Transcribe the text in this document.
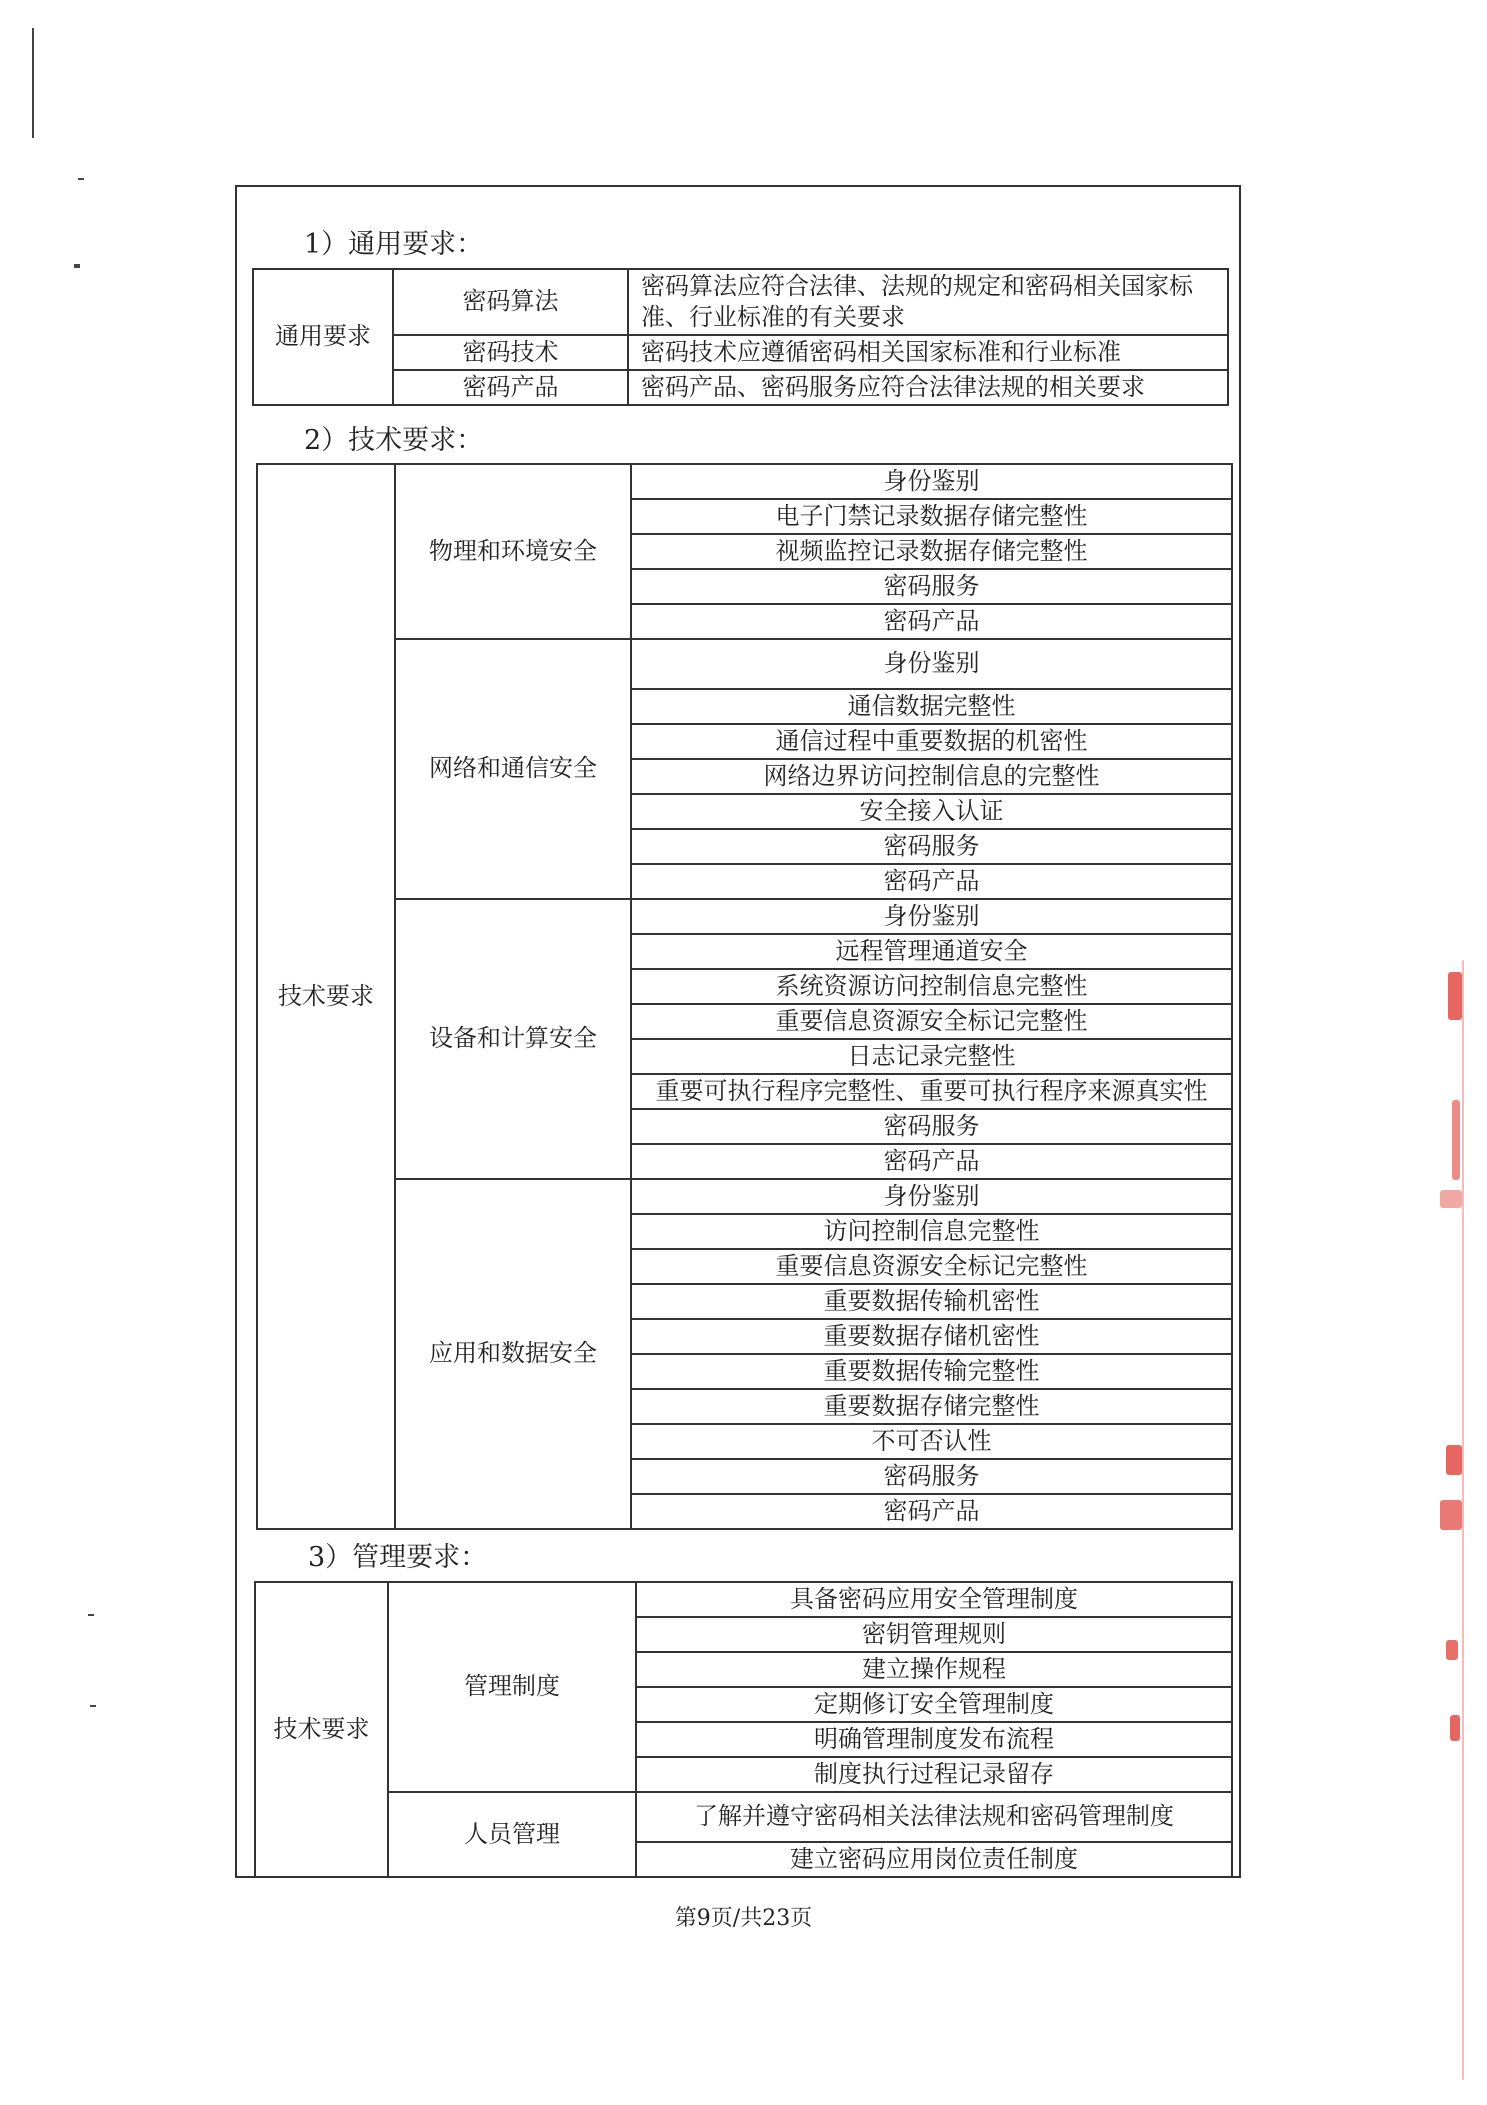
1）通用要求：
通用要求	密码算法	密码算法应符合法律、法规的规定和密码相关国家标准、行业标准的有关要求
	密码技术	密码技术应遵循密码相关国家标准和行业标准
	密码产品	密码产品、密码服务应符合法律法规的相关要求
2）技术要求：
技术要求	物理和环境安全	身份鉴别
		电子门禁记录数据存储完整性
		视频监控记录数据存储完整性
		密码服务
		密码产品
	网络和通信安全	身份鉴别
		通信数据完整性
		通信过程中重要数据的机密性
		网络边界访问控制信息的完整性
		安全接入认证
		密码服务
		密码产品
	设备和计算安全	身份鉴别
		远程管理通道安全
		系统资源访问控制信息完整性
		重要信息资源安全标记完整性
		日志记录完整性
		重要可执行程序完整性、重要可执行程序来源真实性
		密码服务
		密码产品
	应用和数据安全	身份鉴别
		访问控制信息完整性
		重要信息资源安全标记完整性
		重要数据传输机密性
		重要数据存储机密性
		重要数据传输完整性
		重要数据存储完整性
		不可否认性
		密码服务
		密码产品
3）管理要求：
技术要求	管理制度	具备密码应用安全管理制度
		密钥管理规则
		建立操作规程
		定期修订安全管理制度
		明确管理制度发布流程
		制度执行过程记录留存
	人员管理	了解并遵守密码相关法律法规和密码管理制度
		建立密码应用岗位责任制度
第9页/共23页
